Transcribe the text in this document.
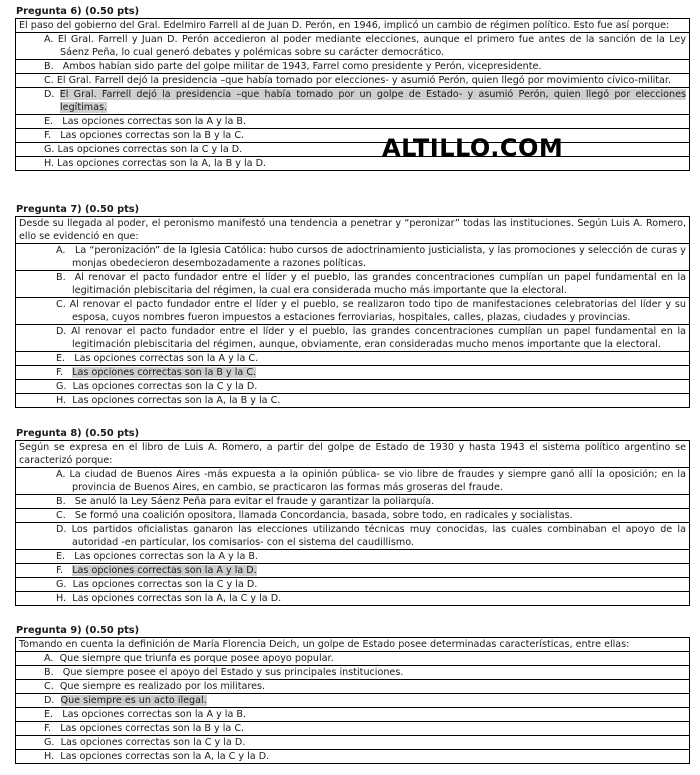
Pregunta 6) (0.50 pts)
El paso del gobierno del Gral. Edelmiro Farrell al de Juan D. Perón, en 1946, implicó un cambio de régimen político. Esto fue así porque:

A. El Gral. Farrell y Juan D. Perón accedieron al poder mediante elecciones, aunque el primero fue antes de la sanción de la Ley Sáenz Peña, lo cual generó debates y polémicas sobre su carácter democrático.

B. Ambos habían sido parte del golpe militar de 1943, Farrel como presidente y Perón, vicepresidente.

C. El Gral. Farrell dejó la presidencia –que había tomado por elecciones- y asumió Perón, quien llegó por movimiento cívico-militar.

D. El Gral. Farrell dejó la presidencia –que había tomado por un golpe de Estado- y asumió Perón, quien llegó por elecciones legítimas.

E. Las opciones correctas son la A y la B.

F. Las opciones correctas son la B y la C.

G. Las opciones correctas son la C y la D.

H. Las opciones correctas son la A, la B y la D.
ALTILLO.COM
Pregunta 7) (0.50 pts)
Desde su llegada al poder, el peronismo manifestó una tendencia a penetrar y “peronizar” todas las instituciones. Según Luis A. Romero, ello se evidenció en que:

A. La “peronización” de la Iglesia Católica: hubo cursos de adoctrinamiento justicialista, y las promociones y selección de curas y monjas obedecieron desembozadamente a razones políticas.

B. Al renovar el pacto fundador entre el líder y el pueblo, las grandes concentraciones cumplían un papel fundamental en la legitimación plebiscitaria del régimen, la cual era considerada mucho más importante que la electoral.

C. Al renovar el pacto fundador entre el líder y el pueblo, se realizaron todo tipo de manifestaciones celebratorias del líder y su esposa, cuyos nombres fueron impuestos a estaciones ferroviarias, hospitales, calles, plazas, ciudades y provincias.

D. Al renovar el pacto fundador entre el líder y el pueblo, las grandes concentraciones cumplían un papel fundamental en la legitimación plebiscitaria del régimen, aunque, obviamente, eran consideradas mucho menos importante que la electoral.

E. Las opciones correctas son la A y la C.

F. Las opciones correctas son la B y la C.

G. Las opciones correctas son la C y la D.

H. Las opciones correctas son la A, la B y la C.
Pregunta 8) (0.50 pts)
Según se expresa en el libro de Luis A. Romero, a partir del golpe de Estado de 1930 y hasta 1943 el sistema político argentino se caracterizó porque:

A. La ciudad de Buenos Aires -más expuesta a la opinión pública- se vio libre de fraudes y siempre ganó allí la oposición; en la provincia de Buenos Aires, en cambio, se practicaron las formas más groseras del fraude.

B. Se anuló la Ley Sáenz Peña para evitar el fraude y garantizar la poliarquía.

C. Se formó una coalición opositora, llamada Concordancia, basada, sobre todo, en radicales y socialistas.

D. Los partidos oficialistas ganaron las elecciones utilizando técnicas muy conocidas, las cuales combinaban el apoyo de la autoridad -en particular, los comisarios- con el sistema del caudillismo.

E. Las opciones correctas son la A y la B.

F. Las opciones correctas son la A y la D.

G. Las opciones correctas son la C y la D.

H. Las opciones correctas son la A, la C y la D.
Pregunta 9) (0.50 pts)
Tomando en cuenta la definición de María Florencia Deich, un golpe de Estado posee determinadas características, entre ellas:

A. Que siempre que triunfa es porque posee apoyo popular.

B. Que siempre posee el apoyo del Estado y sus principales instituciones.

C. Que siempre es realizado por los militares.

D. Que siempre es un acto ilegal.

E. Las opciones correctas son la A y la B.

F. Las opciones correctas son la B y la C.

G. Las opciones correctas son la C y la D.

H. Las opciones correctas son la A, la C y la D.
